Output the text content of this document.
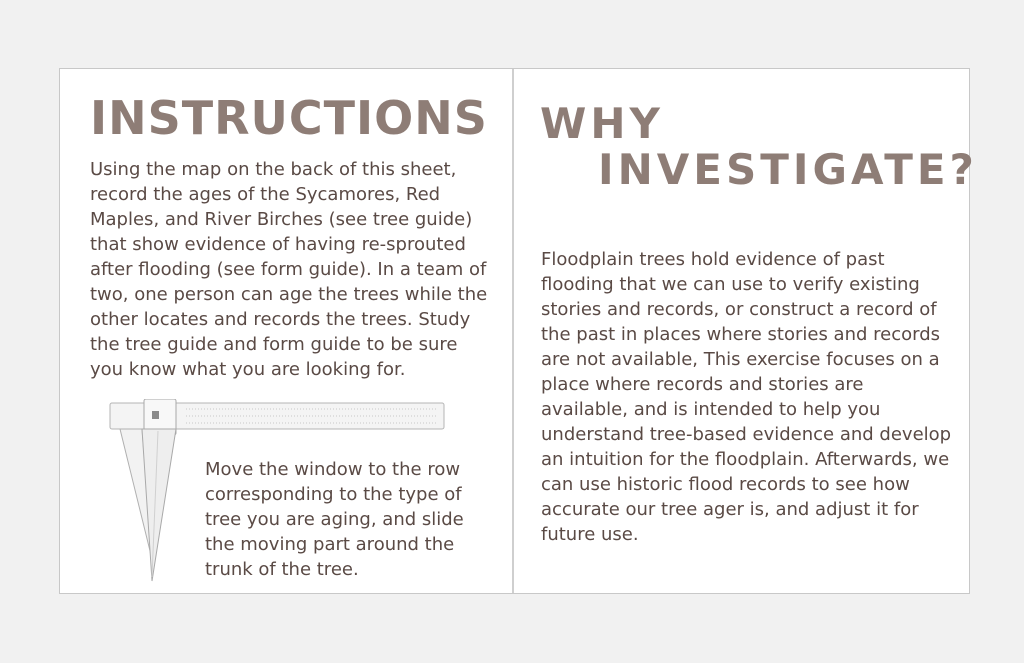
INSTRUCTIONS

Using the map on the back of this sheet, record the ages of the Sycamores, Red Maples, and River Birches (see tree guide) that show evidence of having re-sprouted after flooding (see form guide). In a team of two, one person can age the trees while the other locates and records the trees. Study the tree guide and form guide to be sure you know what you are looking for.

Move the window to the row corresponding to the type of tree you are aging, and slide the moving part around the trunk of the tree.

WHY
INVESTIGATE?

Floodplain trees hold evidence of past flooding that we can use to verify existing stories and records, or construct a record of the past in places where stories and records are not available, This exercise focuses on a place where records and stories are available, and is intended to help you understand tree-based evidence and develop an intuition for the floodplain. Afterwards, we can use historic flood records to see how accurate our tree ager is, and adjust it for future use.
